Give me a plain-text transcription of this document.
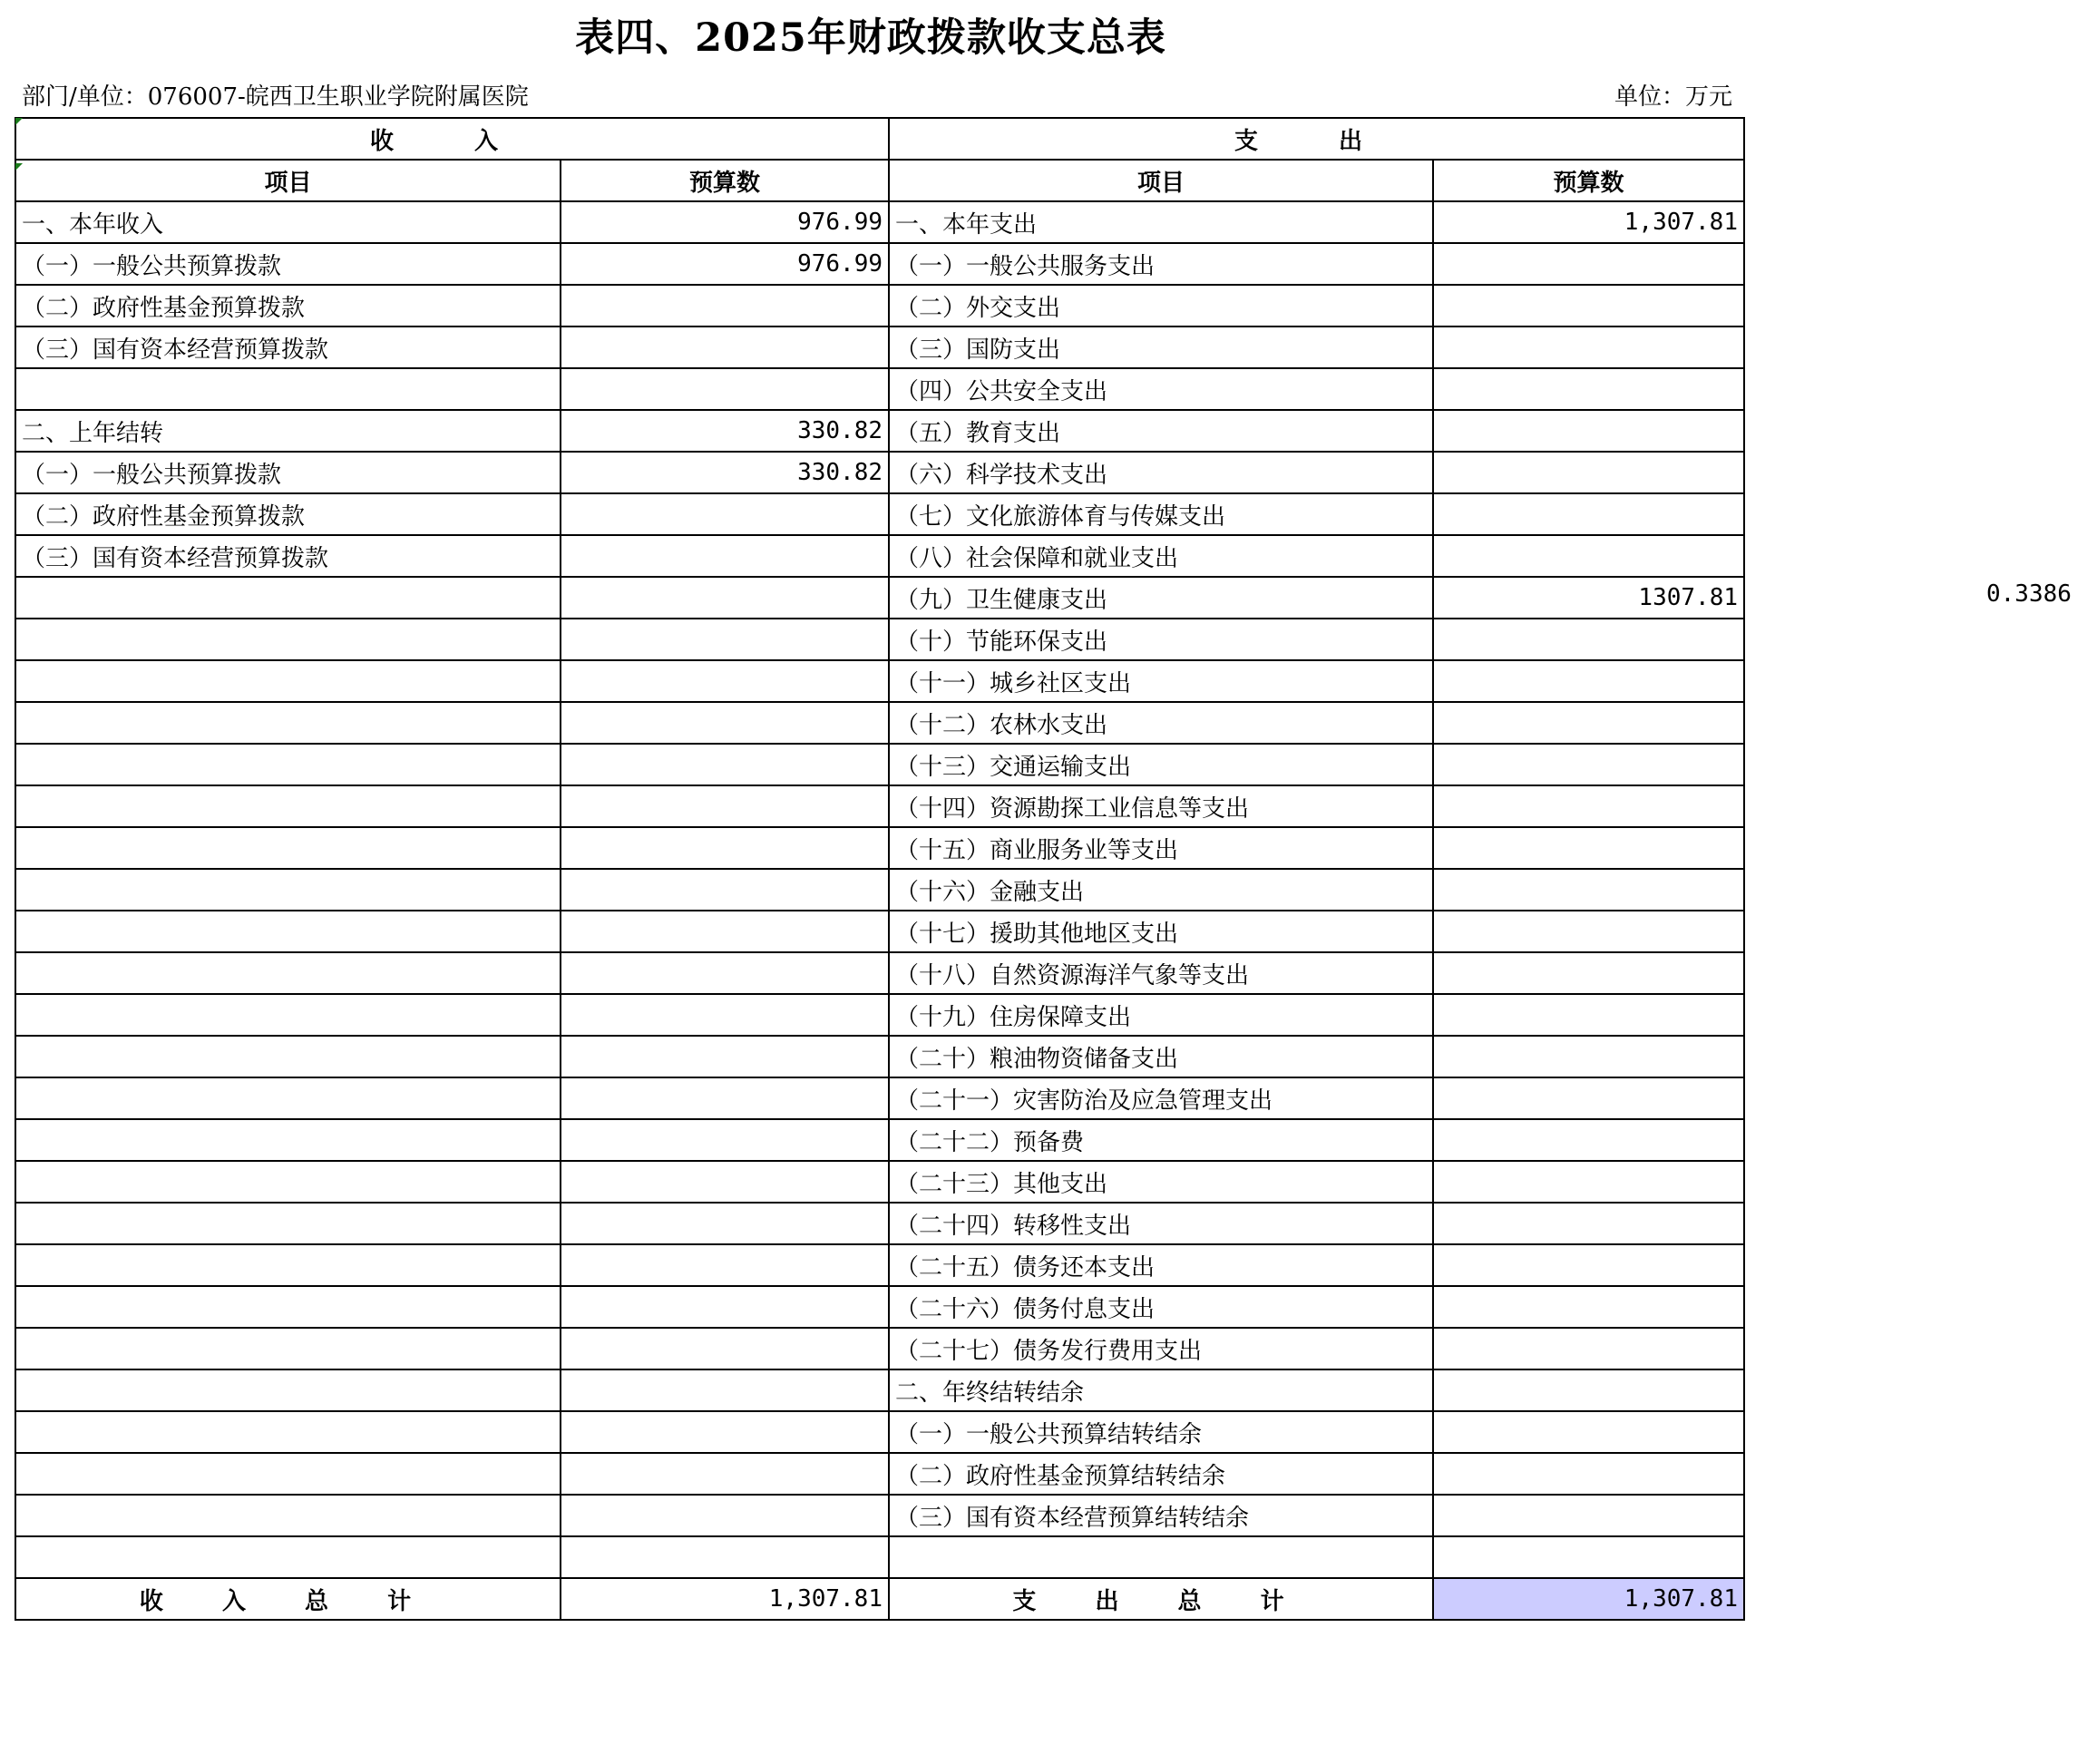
表四、2025年财政拨款收支总表
部门/单位：076007-皖西卫生职业学院附属医院	单位：万元
收 入		支 出	
项目	预算数	项目	预算数
一、本年收入	976.99	一、本年支出	1,307.81
（一）一般公共预算拨款	976.99	（一）一般公共服务支出	
（二）政府性基金预算拨款		（二）外交支出	
（三）国有资本经营预算拨款		（三）国防支出	
		（四）公共安全支出	
二、上年结转	330.82	（五）教育支出	
（一）一般公共预算拨款	330.82	（六）科学技术支出	
（二）政府性基金预算拨款		（七）文化旅游体育与传媒支出	
（三）国有资本经营预算拨款		（八）社会保障和就业支出	
		（九）卫生健康支出	1307.81
		（十）节能环保支出	
		（十一）城乡社区支出	
		（十二）农林水支出	
		（十三）交通运输支出	
		（十四）资源勘探工业信息等支出	
		（十五）商业服务业等支出	
		（十六）金融支出	
		（十七）援助其他地区支出	
		（十八）自然资源海洋气象等支出	
		（十九）住房保障支出	
		（二十）粮油物资储备支出	
		（二十一）灾害防治及应急管理支出	
		（二十二）预备费	
		（二十三）其他支出	
		（二十四）转移性支出	
		（二十五）债务还本支出	
		（二十六）债务付息支出	
		（二十七）债务发行费用支出	
		二、年终结转结余	
		（一）一般公共预算结转结余	
		（二）政府性基金预算结转结余	
		（三）国有资本经营预算结转结余	

收 入 总 计	1,307.81	支 出 总 计	1,307.81
0.3386
